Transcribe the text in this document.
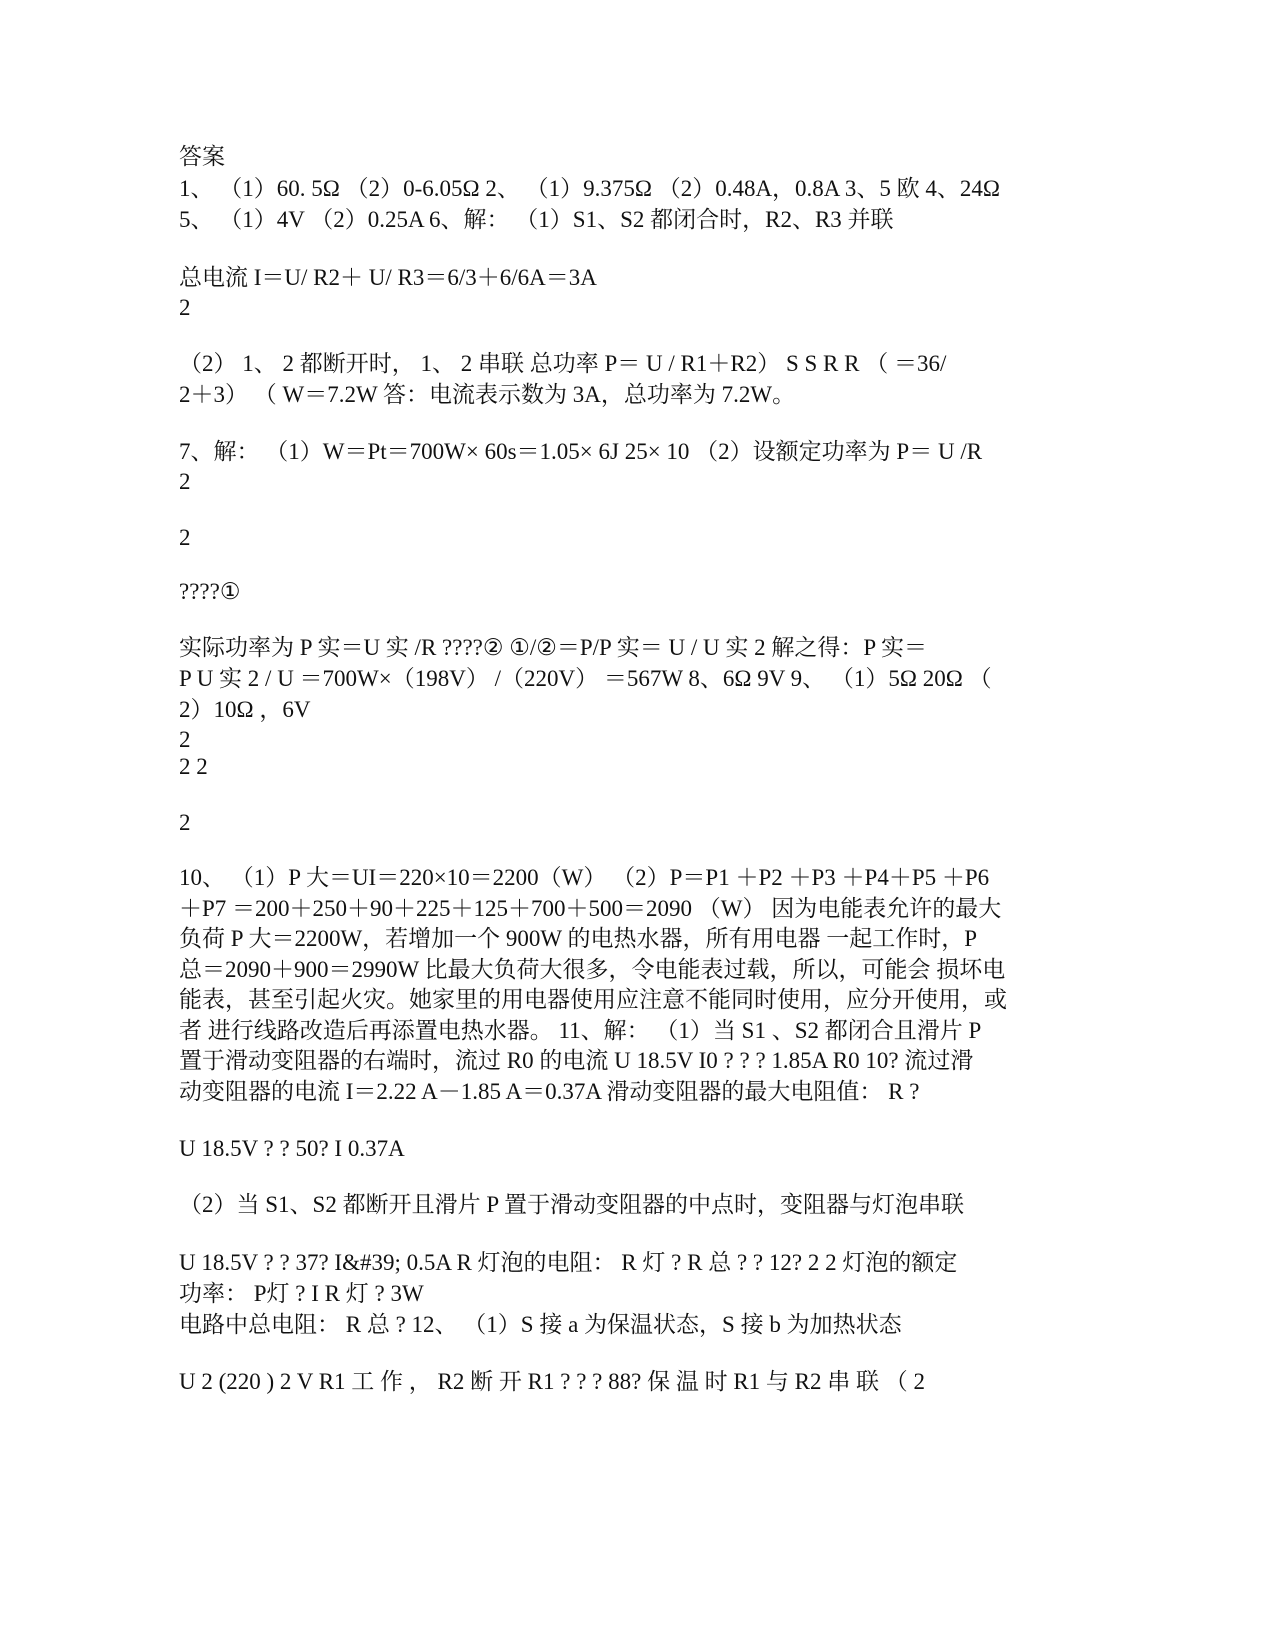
答案

1、 （1）60. 5Ω （2）0-6.05Ω 2、 （1）9.375Ω （2）0.48A，0.8A 3、5 欧 4、24Ω

5、 （1）4V （2）0.25A 6、解： （1）S1、S2 都闭合时，R2、R3 并联

总电流 I＝U/ R2＋ U/ R3＝6/3＋6/6A＝3A

2

（2） 1、 2 都断开时， 1、 2 串联 总功率 P＝ U / R1＋R2） S S R R （ ＝36/

2＋3） （ W＝7.2W 答：电流表示数为 3A，总功率为 7.2W。

7、解： （1）W＝Pt＝700W× 60s＝1.05× 6J 25× 10 （2）设额定功率为 P＝ U /R

2

2

????①

实际功率为 P 实＝U 实 /R ????② ①/②＝P/P 实＝ U / U 实 2 解之得：P 实＝

P U 实 2 / U ＝700W×（198V） /（220V） ＝567W 8、6Ω 9V 9、 （1）5Ω 20Ω （

2）10Ω ，6V

2

2 2

2

10、 （1）P 大＝UI＝220×10＝2200（W） （2）P＝P1 ＋P2 ＋P3 ＋P4＋P5 ＋P6

＋P7 ＝200＋250＋90＋225＋125＋700＋500＝2090 （W） 因为电能表允许的最大

负荷 P 大＝2200W，若增加一个 900W 的电热水器，所有用电器 一起工作时，P

总＝2090＋900＝2990W 比最大负荷大很多，令电能表过载，所以，可能会 损坏电

能表，甚至引起火灾。她家里的用电器使用应注意不能同时使用，应分开使用，或

者 进行线路改造后再添置电热水器。 11、解： （1）当 S1 、S2 都闭合且滑片 P

置于滑动变阻器的右端时，流过 R0 的电流 U 18.5V I0 ? ? ? 1.85A R0 10? 流过滑

动变阻器的电流 I＝2.22 A－1.85 A＝0.37A 滑动变阻器的最大电阻值： R ?

U 18.5V ? ? 50? I 0.37A

（2）当 S1、S2 都断开且滑片 P 置于滑动变阻器的中点时，变阻器与灯泡串联

U 18.5V ? ? 37? I&#39; 0.5A R 灯泡的电阻： R 灯 ? R 总 ? ? 12? 2 2 灯泡的额定

功率： P灯 ? I R 灯 ? 3W

电路中总电阻： R 总 ? 12、 （1）S 接 a 为保温状态，S 接 b 为加热状态

U 2 (220 ) 2 V R1 工 作 ， R2 断 开 R1 ? ? ? 88? 保 温 时 R1 与 R2 串 联 （ 2
